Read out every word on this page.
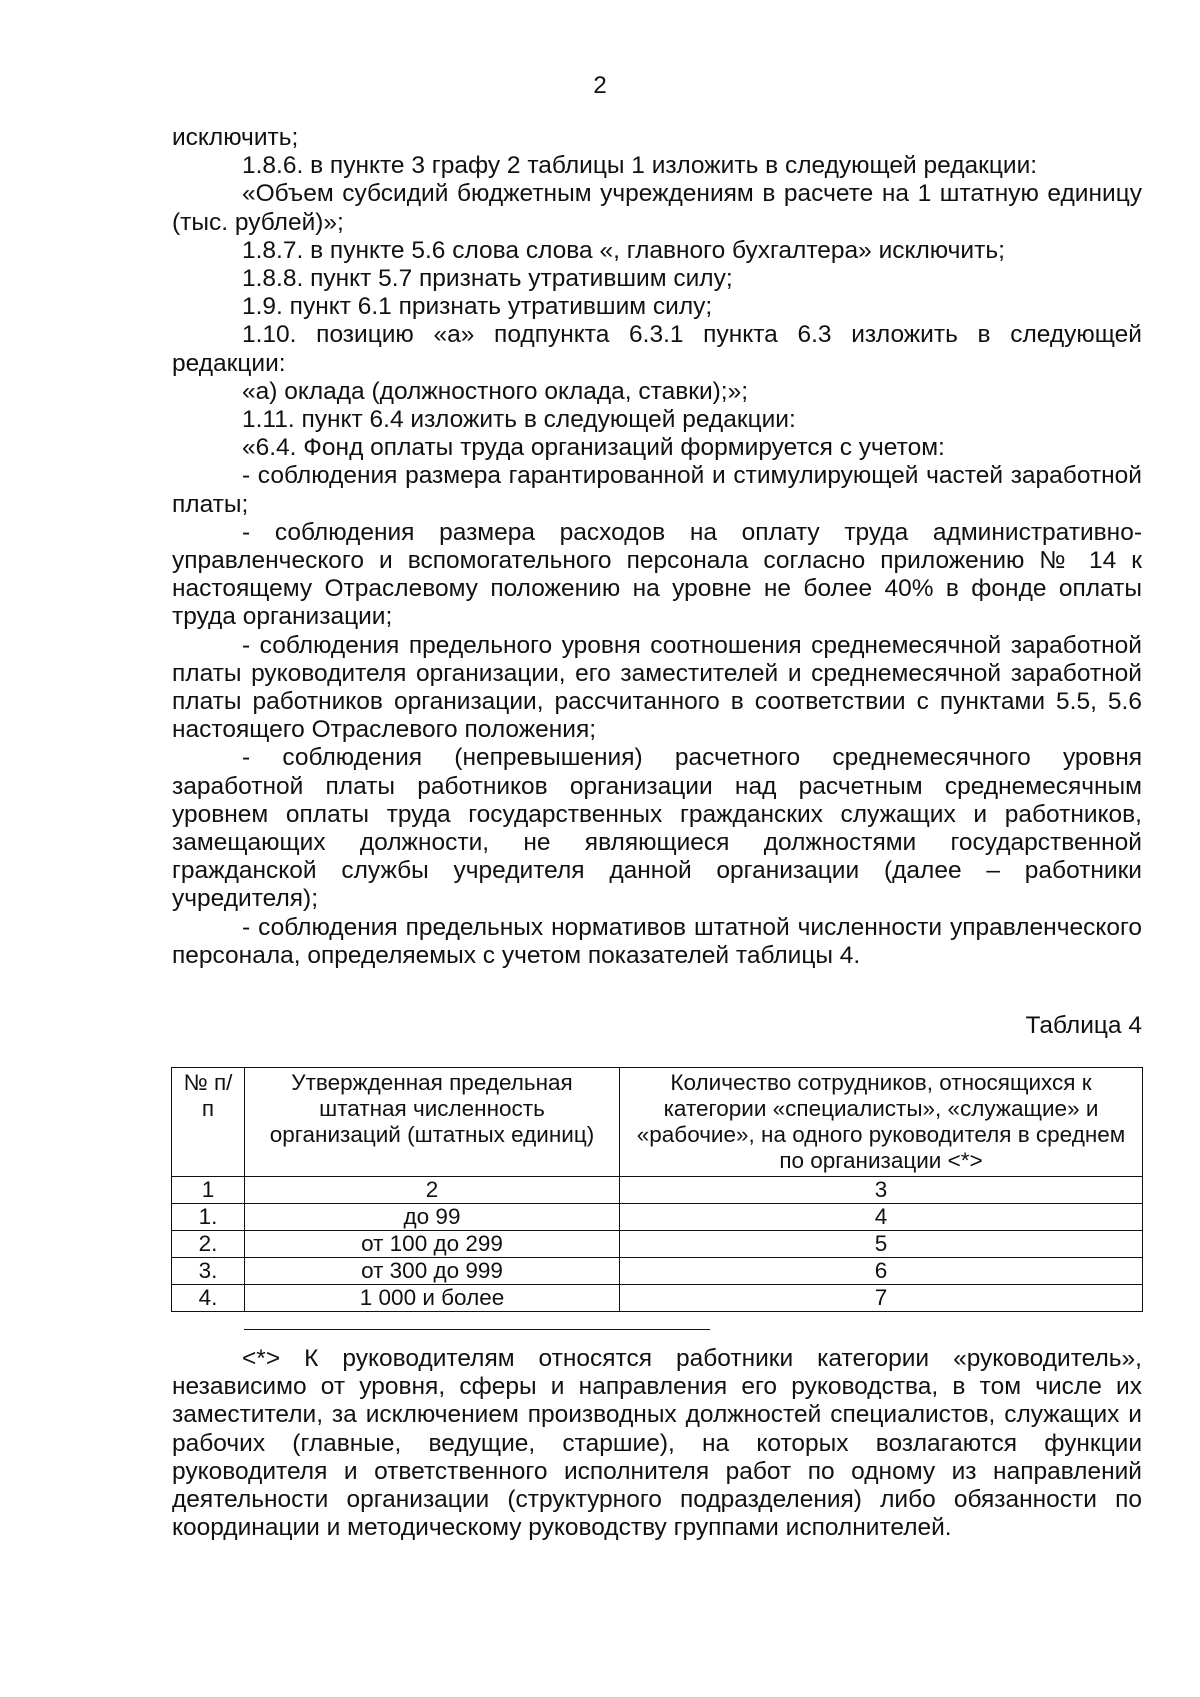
2

исключить;

1.8.6. в пункте 3 графу 2 таблицы 1 изложить в следующей редакции:

«Объем субсидий бюджетным учреждениям в расчете на 1 штатную единицу (тыс. рублей)»;

1.8.7. в пункте 5.6 слова слова «, главного бухгалтера» исключить;

1.8.8. пункт 5.7 признать утратившим силу;

1.9. пункт 6.1 признать утратившим силу;

1.10. позицию «а» подпункта 6.3.1 пункта 6.3 изложить в следующей редакции:

«а) оклада (должностного оклада, ставки);»;

1.11. пункт 6.4 изложить в следующей редакции:

«6.4. Фонд оплаты труда организаций формируется с учетом:

- соблюдения размера гарантированной и стимулирующей частей заработной платы;

- соблюдения размера расходов на оплату труда административно-управленческого и вспомогательного персонала согласно приложению № 14 к настоящему Отраслевому положению на уровне не более 40% в фонде оплаты труда организации;

- соблюдения предельного уровня соотношения среднемесячной заработной платы руководителя организации, его заместителей и среднемесячной заработной платы работников организации, рассчитанного в соответствии с пунктами 5.5, 5.6 настоящего Отраслевого положения;

- соблюдения (непревышения) расчетного среднемесячного уровня заработной платы работников организации над расчетным среднемесячным уровнем оплаты труда государственных гражданских служащих и работников, замещающих должности, не являющиеся должностями государственной гражданской службы учредителя данной организации (далее – работники учредителя);

- соблюдения предельных нормативов штатной численности управленческого персонала, определяемых с учетом показателей таблицы 4.

Таблица 4
№ п/п	Утвержденная предельная штатная численность организаций (штатных единиц)	Количество сотрудников, относящихся к категории «специалисты», «служащие» и «рабочие», на одного руководителя в среднем по организации <*>
1	2	3
1.	до 99	4
2.	от 100 до 299	5
3.	от 300 до 999	6
4.	1 000 и более	7

<*> К руководителям относятся работники категории «руководитель», независимо от уровня, сферы и направления его руководства, в том числе их заместители, за исключением производных должностей специалистов, служащих и рабочих (главные, ведущие, старшие), на которых возлагаются функции руководителя и ответственного исполнителя работ по одному из направлений деятельности организации (структурного подразделения) либо обязанности по координации и методическому руководству группами исполнителей.
